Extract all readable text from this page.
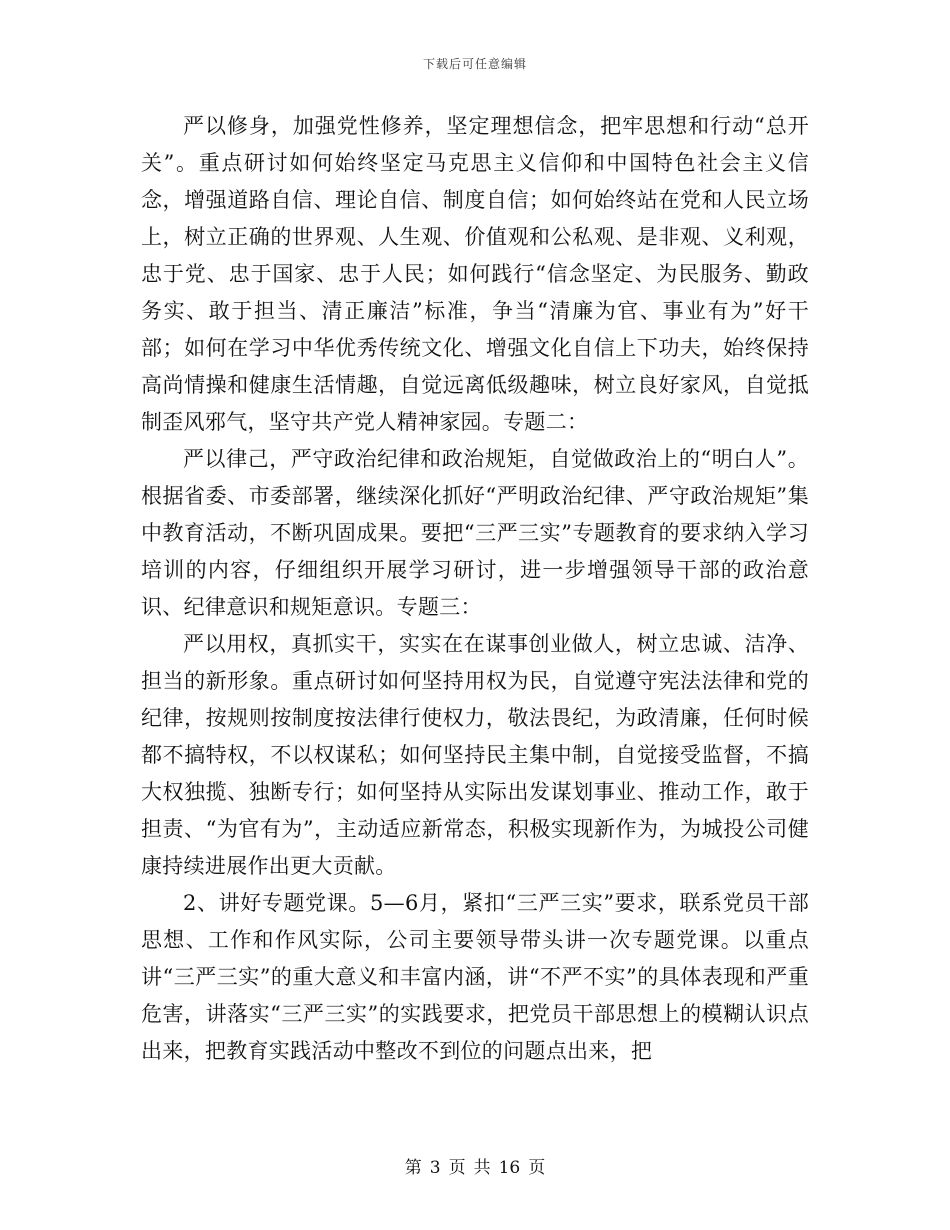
下载后可任意编辑

严以修身，加强党性修养，坚定理想信念，把牢思想和行动“总开关”。重点研讨如何始终坚定马克思主义信仰和中国特色社会主义信念，增强道路自信、理论自信、制度自信；如何始终站在党和人民立场上，树立正确的世界观、人生观、价值观和公私观、是非观、义利观，忠于党、忠于国家、忠于人民；如何践行“信念坚定、为民服务、勤政务实、敢于担当、清正廉洁”标准，争当“清廉为官、事业有为”好干部；如何在学习中华优秀传统文化、增强文化自信上下功夫，始终保持高尚情操和健康生活情趣，自觉远离低级趣味，树立良好家风，自觉抵制歪风邪气，坚守共产党人精神家园。专题二：

严以律己，严守政治纪律和政治规矩，自觉做政治上的“明白人”。根据省委、市委部署，继续深化抓好“严明政治纪律、严守政治规矩”集中教育活动，不断巩固成果。要把“三严三实”专题教育的要求纳入学习培训的内容，仔细组织开展学习研讨，进一步增强领导干部的政治意识、纪律意识和规矩意识。专题三：

严以用权，真抓实干，实实在在谋事创业做人，树立忠诚、洁净、担当的新形象。重点研讨如何坚持用权为民，自觉遵守宪法法律和党的纪律，按规则按制度按法律行使权力，敬法畏纪，为政清廉，任何时候都不搞特权，不以权谋私；如何坚持民主集中制，自觉接受监督，不搞大权独揽、独断专行；如何坚持从实际出发谋划事业、推动工作，敢于担责、“为官有为”，主动适应新常态，积极实现新作为，为城投公司健康持续进展作出更大贡献。

2、讲好专题党课。5—6月，紧扣“三严三实”要求，联系党员干部思想、工作和作风实际，公司主要领导带头讲一次专题党课。以重点讲“三严三实”的重大意义和丰富内涵，讲“不严不实”的具体表现和严重危害，讲落实“三严三实”的实践要求，把党员干部思想上的模糊认识点出来，把教育实践活动中整改不到位的问题点出来，把

第 3 页 共 16 页
